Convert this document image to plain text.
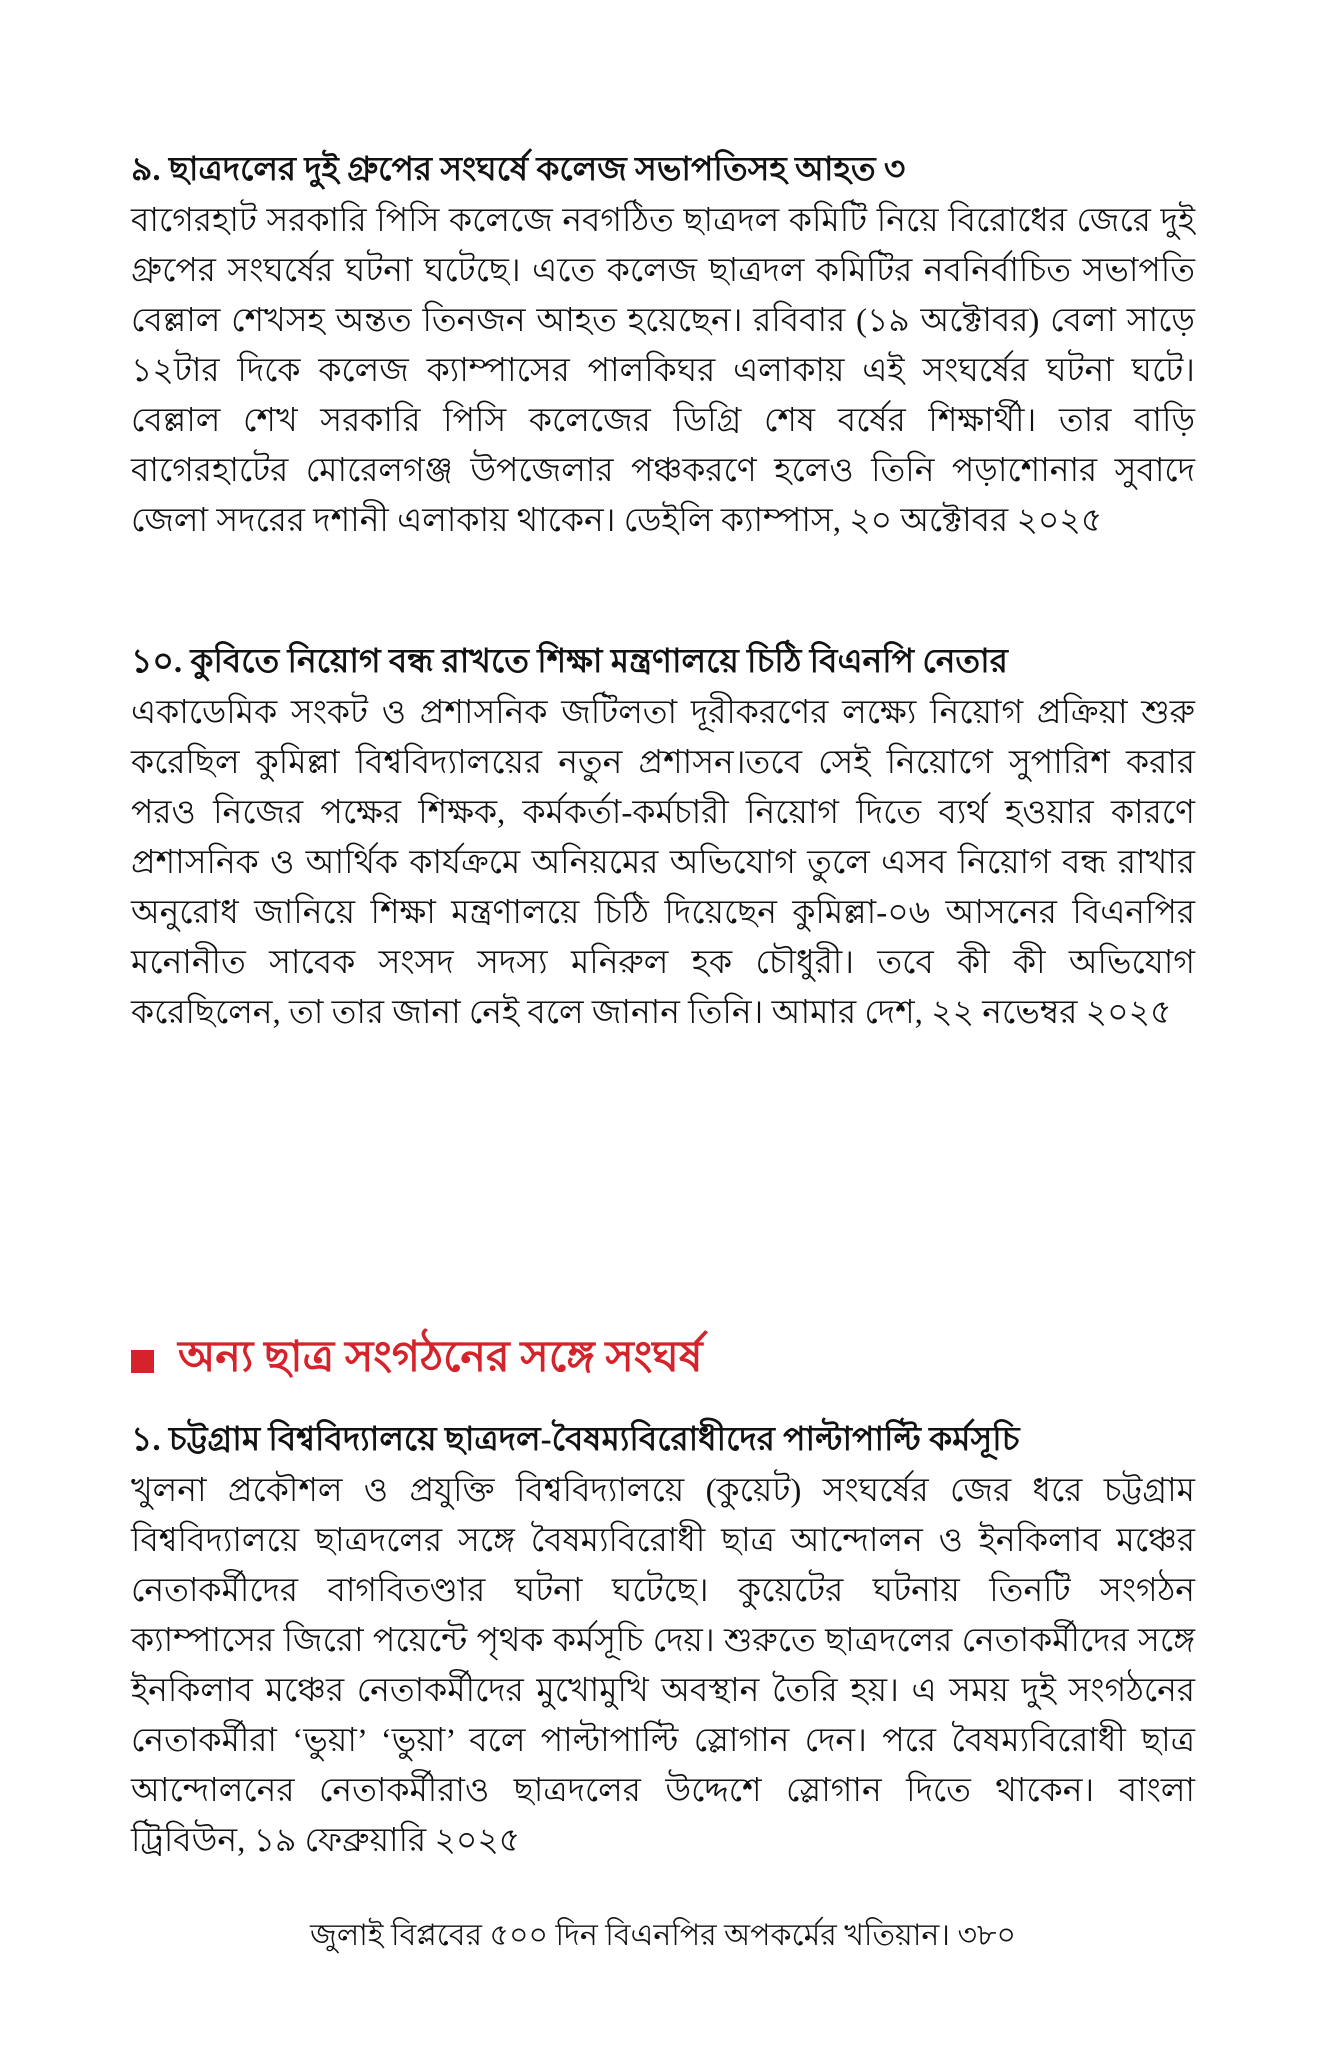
৯. ছাত্রদলের দুই গ্রুপের সংঘর্ষে কলেজ সভাপতিসহ আহত ৩

বাগেরহাট সরকারি পিসি কলেজে নবগঠিত ছাত্রদল কমিটি নিয়ে বিরোধের জেরে দুই গ্রুপের সংঘর্ষের ঘটনা ঘটেছে। এতে কলেজ ছাত্রদল কমিটির নবনির্বাচিত সভাপতি বেল্লাল শেখসহ অন্তত তিনজন আহত হয়েছেন। রবিবার (১৯ অক্টোবর) বেলা সাড়ে ১২টার দিকে কলেজ ক্যাম্পাসের পালকিঘর এলাকায় এই সংঘর্ষের ঘটনা ঘটে।বেল্লাল শেখ সরকারি পিসি কলেজের ডিগ্রি শেষ বর্ষের শিক্ষার্থী। তার বাড়ি বাগেরহাটের মোরেলগঞ্জ উপজেলার পঞ্চকরণে হলেও তিনি পড়াশোনার সুবাদে জেলা সদরের দশানী এলাকায় থাকেন। ডেইলি ক্যাম্পাস, ২০ অক্টোবর ২০২৫

১০. কুবিতে নিয়োগ বন্ধ রাখতে শিক্ষা মন্ত্রণালয়ে চিঠি বিএনপি নেতার

একাডেমিক সংকট ও প্রশাসনিক জটিলতা দূরীকরণের লক্ষ্যে নিয়োগ প্রক্রিয়া শুরু করেছিল কুমিল্লা বিশ্ববিদ্যালয়ের নতুন প্রশাসন।তবে সেই নিয়োগে সুপারিশ করার পরও নিজের পক্ষের শিক্ষক, কর্মকর্তা-কর্মচারী নিয়োগ দিতে ব্যর্থ হওয়ার কারণে প্রশাসনিক ও আর্থিক কার্যক্রমে অনিয়মের অভিযোগ তুলে এসব নিয়োগ বন্ধ রাখার অনুরোধ জানিয়ে শিক্ষা মন্ত্রণালয়ে চিঠি দিয়েছেন কুমিল্লা-০৬ আসনের বিএনপির মনোনীত সাবেক সংসদ সদস্য মনিরুল হক চৌধুরী। তবে কী কী অভিযোগ করেছিলেন, তা তার জানা নেই বলে জানান তিনি। আমার দেশ, ২২ নভেম্বর ২০২৫

অন্য ছাত্র সংগঠনের সঙ্গে সংঘর্ষ
১. চট্টগ্রাম বিশ্ববিদ্যালয়ে ছাত্রদল-বৈষম্যবিরোধীদের পাল্টাপাল্টি কর্মসূচি

খুলনা প্রকৌশল ও প্রযুক্তি বিশ্ববিদ্যালয়ে (কুয়েট) সংঘর্ষের জের ধরে চট্টগ্রাম বিশ্ববিদ্যালয়ে ছাত্রদলের সঙ্গে বৈষম্যবিরোধী ছাত্র আন্দোলন ও ইনকিলাব মঞ্চের নেতাকর্মীদের বাগবিতণ্ডার ঘটনা ঘটেছে। কুয়েটের ঘটনায় তিনটি সংগঠন ক্যাম্পাসের জিরো পয়েন্টে পৃথক কর্মসূচি দেয়। শুরুতে ছাত্রদলের নেতাকর্মীদের সঙ্গে ইনকিলাব মঞ্চের নেতাকর্মীদের মুখোমুখি অবস্থান তৈরি হয়। এ সময় দুই সংগঠনের নেতাকর্মীরা ‘ভুয়া’ ‘ভুয়া’ বলে পাল্টাপাল্টি স্লোগান দেন। পরে বৈষম্যবিরোধী ছাত্র আন্দোলনের নেতাকর্মীরাও ছাত্রদলের উদ্দেশে স্লোগান দিতে থাকেন। বাংলা ট্রিবিউন, ১৯ ফেব্রুয়ারি ২০২৫

জুলাই বিপ্লবের ৫০০ দিন বিএনপির অপকর্মের খতিয়ান। ৩৮০
